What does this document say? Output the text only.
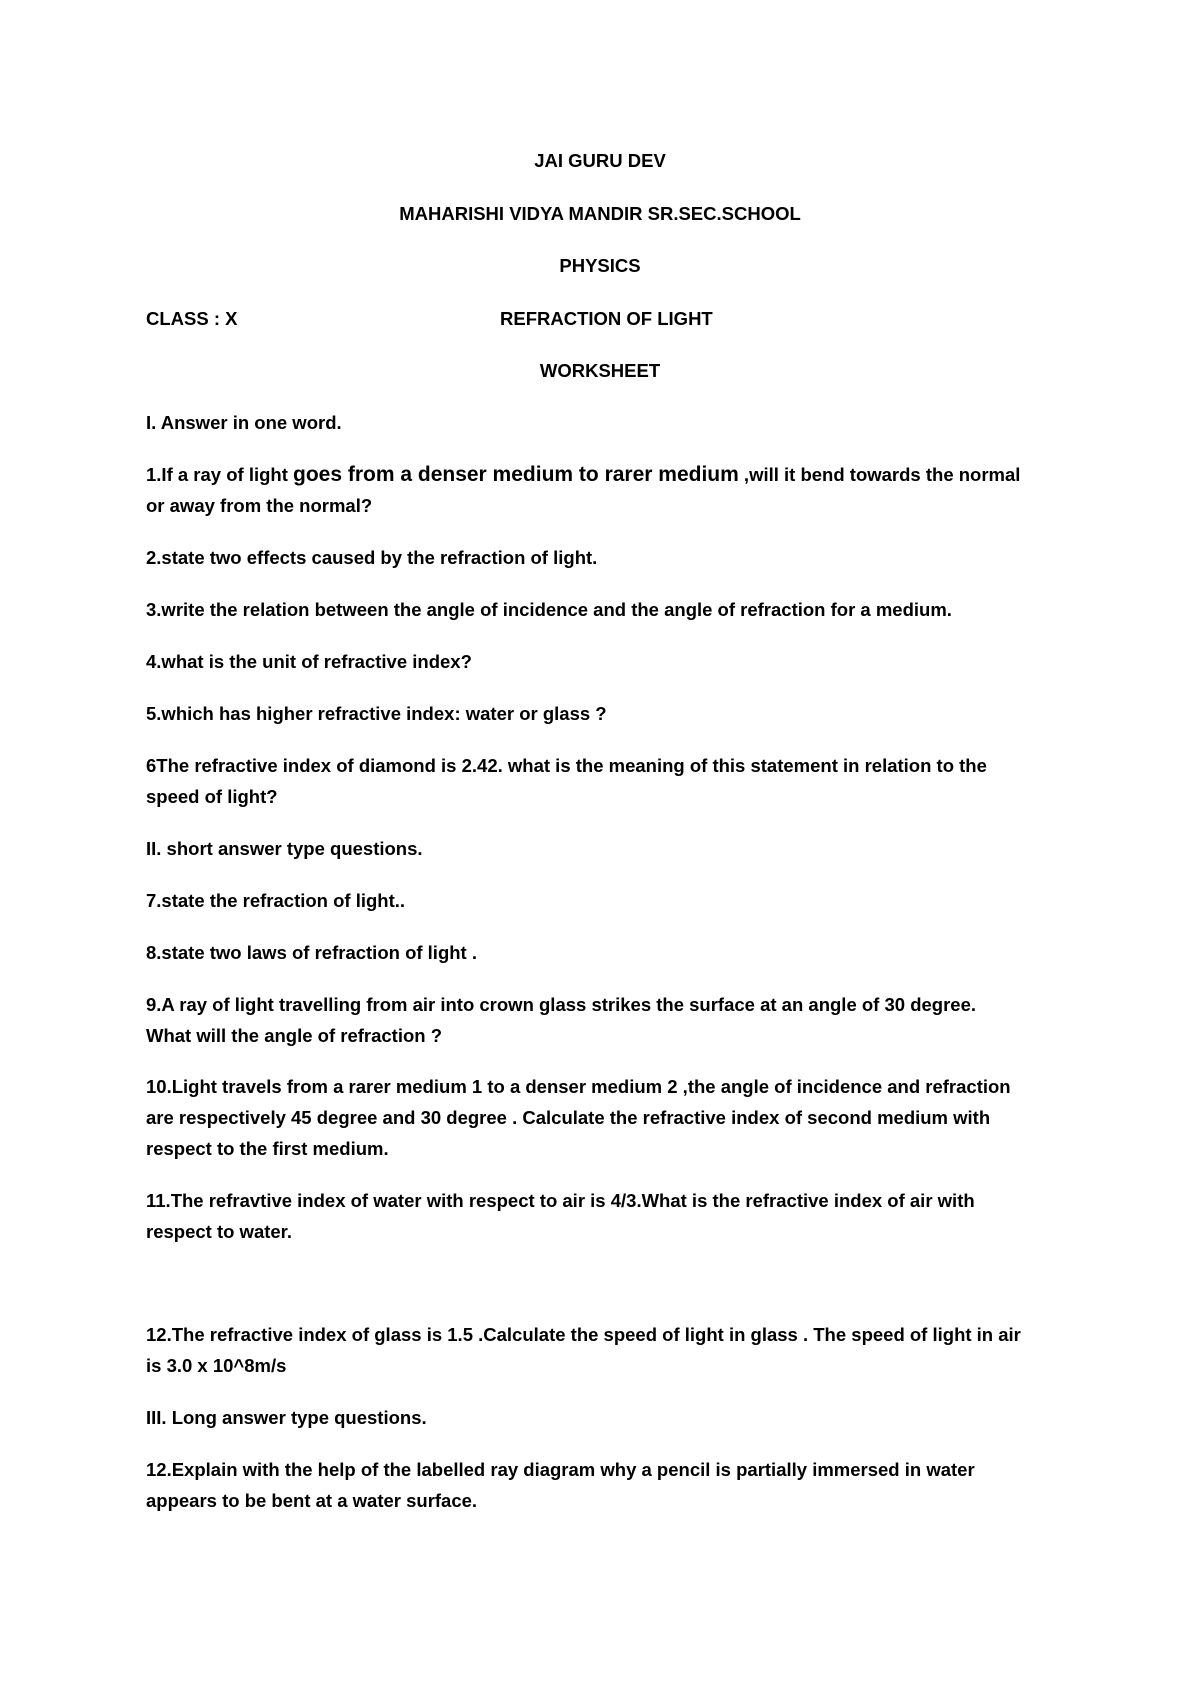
JAI GURU DEV

MAHARISHI VIDYA MANDIR SR.SEC.SCHOOL

PHYSICS

CLASS : X	REFRACTION OF LIGHT

WORKSHEET

I. Answer in one word.

1.If a ray of light goes from a denser medium to rarer medium ,will it bend towards the normal

or away from the normal?

2.state two effects caused by the refraction of light.

3.write the relation between the angle of incidence and the angle of refraction for a medium.

4.what is the unit of refractive index?

5.which has higher refractive index: water or glass ?

6The refractive index of diamond is 2.42. what is the meaning of this statement in relation to the

speed of light?

II. short answer type questions.

7.state the refraction of light..

8.state two laws of refraction of light .

9.A ray of light travelling from air into crown glass strikes the surface at an angle of 30 degree.

What will the angle of refraction ?

10.Light travels from a rarer medium 1 to a denser medium 2 ,the angle of incidence and refraction

are respectively 45 degree and 30 degree . Calculate the refractive index of second medium with

respect to the first medium.

11.The refravtive index of water with respect to air is 4/3.What is the refractive index of air with

respect to water.

12.The refractive index of glass is 1.5 .Calculate the speed of light in glass . The speed of light in air

is 3.0 x 10^8m/s

III. Long answer type questions.

12.Explain with the help of the labelled ray diagram why a pencil is partially immersed in water

appears to be bent at a water surface.
